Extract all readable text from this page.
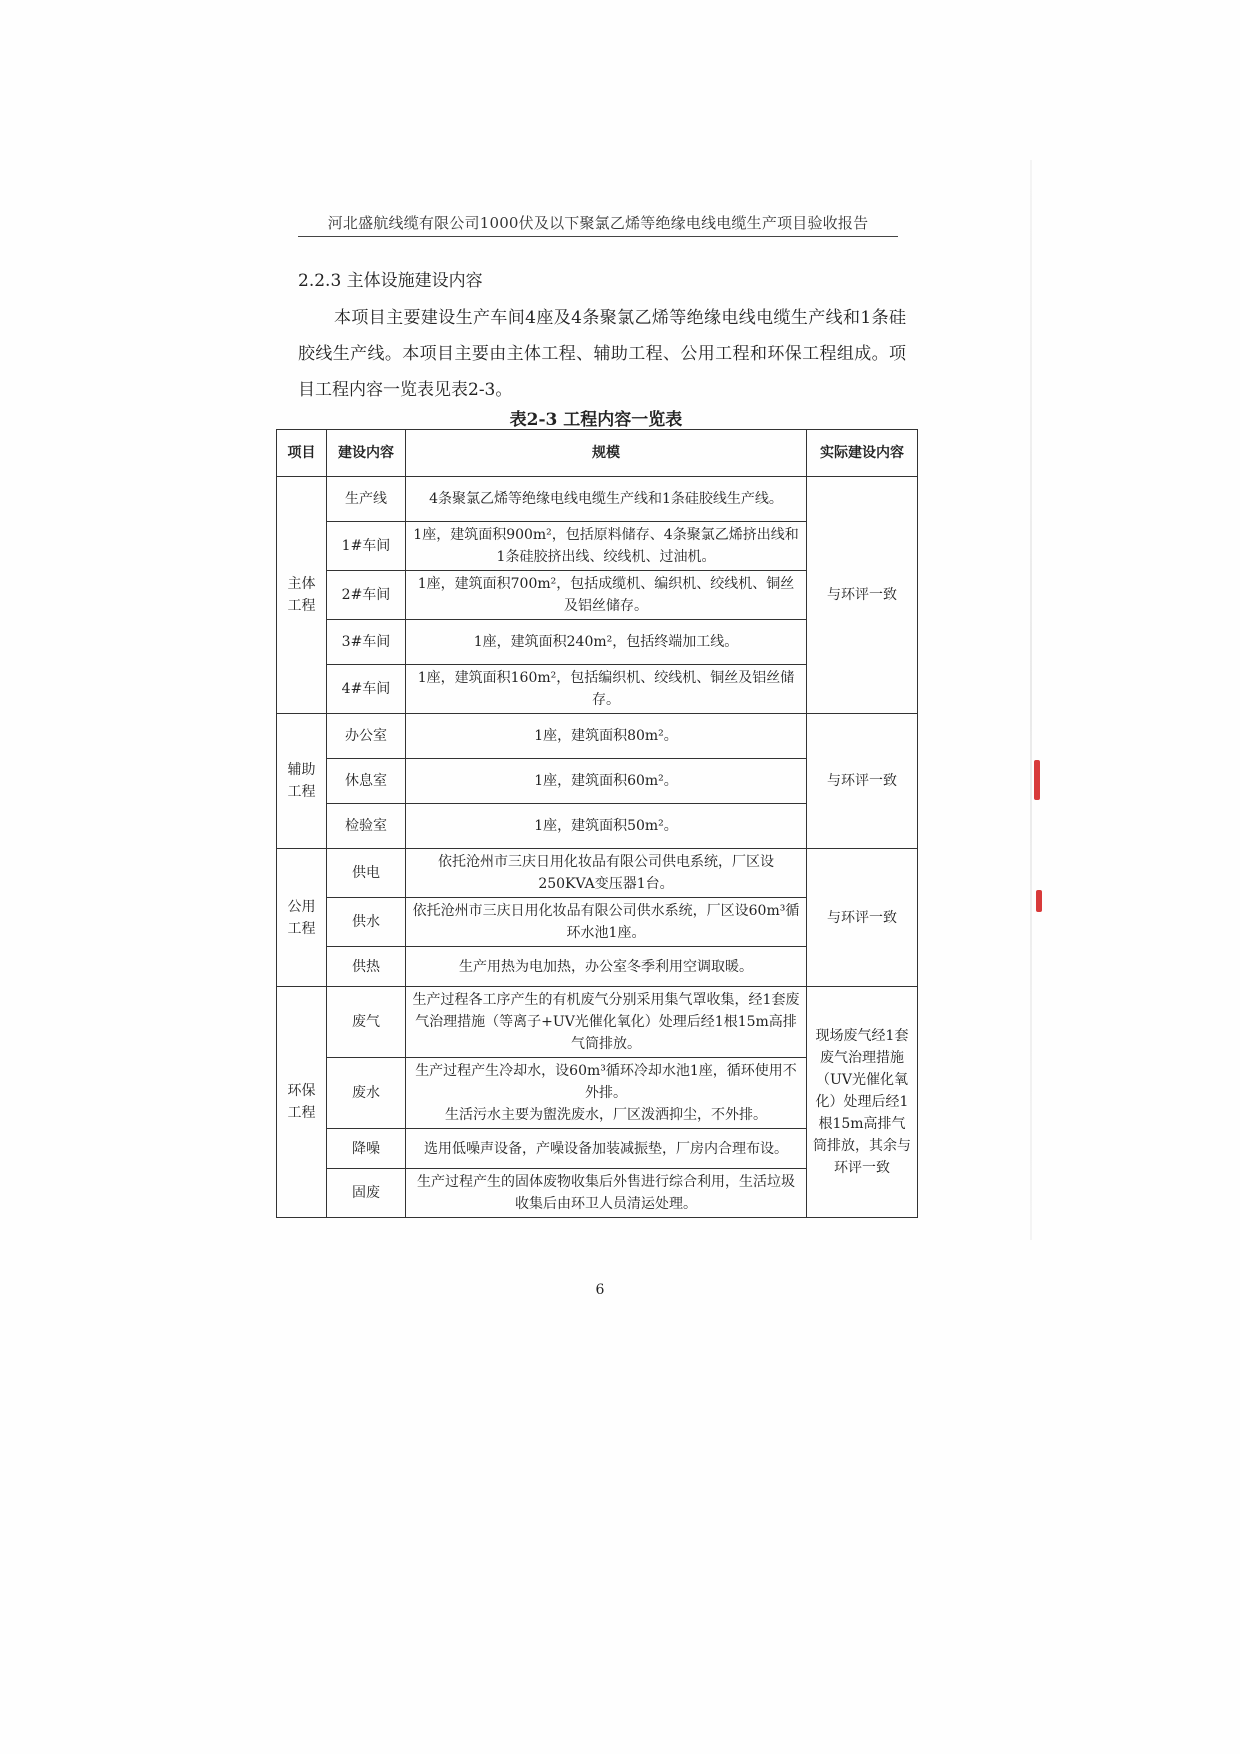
河北盛航线缆有限公司1000伏及以下聚氯乙烯等绝缘电线电缆生产项目验收报告
2.2.3 主体设施建设内容
本项目主要建设生产车间4座及4条聚氯乙烯等绝缘电线电缆生产线和1条硅胶线生产线。本项目主要由主体工程、辅助工程、公用工程和环保工程组成。项目工程内容一览表见表2-3。
表2-3 工程内容一览表
项目	建设内容	规模	实际建设内容
主体
工程	生产线	4条聚氯乙烯等绝缘电线电缆生产线和1条硅胶线生产线。	与环评一致
	1#车间	1座，建筑面积900m²，包括原料储存、4条聚氯乙烯挤出线和1条硅胶挤出线、绞线机、过油机。	
	2#车间	1座，建筑面积700m²，包括成缆机、编织机、绞线机、铜丝及铝丝储存。	
	3#车间	1座，建筑面积240m²，包括终端加工线。	
	4#车间	1座，建筑面积160m²，包括编织机、绞线机、铜丝及铝丝储存。	
辅助
工程	办公室	1座，建筑面积80m²。	与环评一致
	休息室	1座，建筑面积60m²。	
	检验室	1座，建筑面积50m²。	
公用
工程	供电	依托沧州市三庆日用化妆品有限公司供电系统，厂区设250KVA变压器1台。	与环评一致
	供水	依托沧州市三庆日用化妆品有限公司供水系统，厂区设60m³循环水池1座。	
	供热	生产用热为电加热，办公室冬季利用空调取暖。	
环保
工程	废气	生产过程各工序产生的有机废气分别采用集气罩收集，经1套废气治理措施（等离子+UV光催化氧化）处理后经1根15m高排气筒排放。	现场废气经1套废气治理措施（UV光催化氧化）处理后经1根15m高排气筒排放，其余与环评一致
	废水	生产过程产生冷却水，设60m³循环冷却水池1座，循环使用不外排。
生活污水主要为盥洗废水，厂区泼洒抑尘，不外排。	
	降噪	选用低噪声设备，产噪设备加装减振垫，厂房内合理布设。	
	固废	生产过程产生的固体废物收集后外售进行综合利用，生活垃圾收集后由环卫人员清运处理。	
6
